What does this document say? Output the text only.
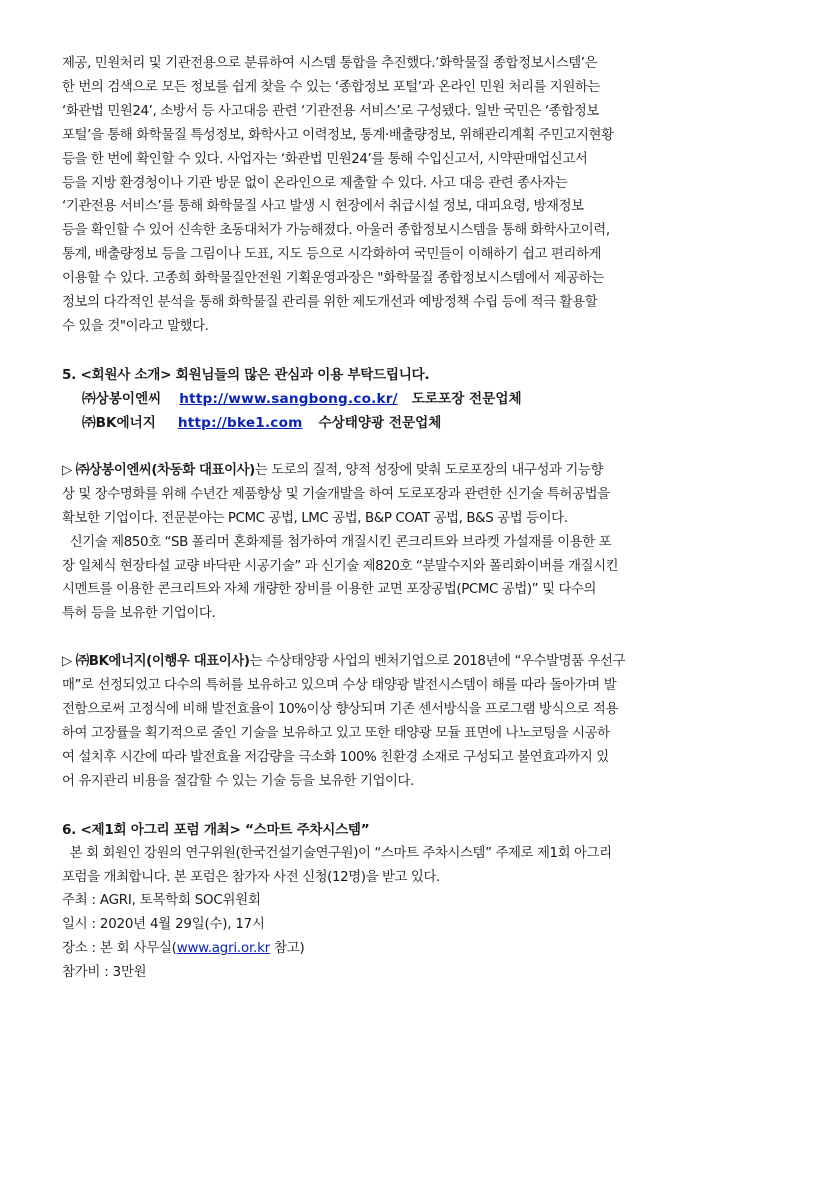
제공, 민원처리 및 기관전용으로 분류하여 시스템 통합을 추진했다.’화학물질 종합정보시스템’은
한 번의 검색으로 모든 정보를 쉽게 찾을 수 있는 ‘종합정보 포털’과 온라인 민원 처리를 지원하는
‘화관법 민원24’, 소방서 등 사고대응 관련 ‘기관전용 서비스’로 구성됐다. 일반 국민은 ‘종합정보
포털’을 통해 화학물질 특성정보, 화학사고 이력정보, 통계·배출량정보, 위해관리계획 주민고지현황
등을 한 번에 확인할 수 있다. 사업자는 ‘화관법 민원24’를 통해 수입신고서, 시약판매업신고서
등을 지방 환경청이나 기관 방문 없이 온라인으로 제출할 수 있다. 사고 대응 관련 종사자는
‘기관전용 서비스’를 통해 화학물질 사고 발생 시 현장에서 취급시설 정보, 대피요령, 방재정보
등을 확인할 수 있어 신속한 초동대처가 가능해졌다. 아울러 종합정보시스템을 통해 화학사고이력,
통계, 배출량정보 등을 그림이나 도표, 지도 등으로 시각화하여 국민들이 이해하기 쉽고 편리하게
이용할 수 있다. 고종희 화학물질안전원 기획운영과장은 "화학물질 종합정보시스템에서 제공하는
정보의 다각적인 분석을 통해 화학물질 관리를 위한 제도개선과 예방정책 수립 등에 적극 활용할
수 있을 것"이라고 말했다.

5. <회원사 소개> 회원님들의 많은 관심과 이용 부탁드립니다.

㈜상봉이엔씨 http://www.sangbong.co.kr/ 도로포장 전문업체

㈜BK에너지 http://bke1.com 수상태양광 전문업체

▷ ㈜상봉이엔씨(차동화 대표이사)는 도로의 질적, 양적 성장에 맞춰 도로포장의 내구성과 기능향
상 및 장수명화를 위해 수년간 제품향상 및 기술개발을 하여 도로포장과 관련한 신기술 특허공법을
확보한 기업이다. 전문분야는 PCMC 공법, LMC 공법, B&P COAT 공법, B&S 공법 등이다.
신기술 제850호 “SB 폴리머 혼화제를 첨가하여 개질시킨 콘크리트와 브라켓 가설재를 이용한 포
장 일체식 현장타설 교량 바닥판 시공기술” 과 신기술 제820호 “분말수지와 폴리화이버를 개질시킨
시멘트를 이용한 콘크리트와 자체 개량한 장비를 이용한 교면 포장공법(PCMC 공법)” 및 다수의
특허 등을 보유한 기업이다.
▷ ㈜BK에너지(이행우 대표이사)는 수상태양광 사업의 벤처기업으로 2018년에 “우수발명품 우선구
매”로 선정되었고 다수의 특허를 보유하고 있으며 수상 태양광 발전시스템이 해를 따라 돌아가며 발
전함으로써 고정식에 비해 발전효율이 10%이상 향상되며 기존 센서방식을 프로그램 방식으로 적용
하여 고장률을 획기적으로 줄인 기술을 보유하고 있고 또한 태양광 모듈 표면에 나노코팅을 시공하
여 설치후 시간에 따라 발전효율 저감량을 극소화 100% 친환경 소재로 구성되고 불연효과까지 있
어 유지관리 비용을 절감할 수 있는 기술 등을 보유한 기업이다.

6. <제1회 아그리 포럼 개최> “스마트 주차시스템”

본 회 회원인 강원의 연구위원(한국건설기술연구원)이 “스마트 주차시스템” 주제로 제1회 아그리
포럼을 개최합니다. 본 포럼은 참가자 사전 신청(12명)을 받고 있다.

주최 : AGRI, 토목학회 SOC위원회

일시 : 2020년 4월 29일(수), 17시

장소 : 본 회 사무실(www.agri.or.kr 참고)

참가비 : 3만원
